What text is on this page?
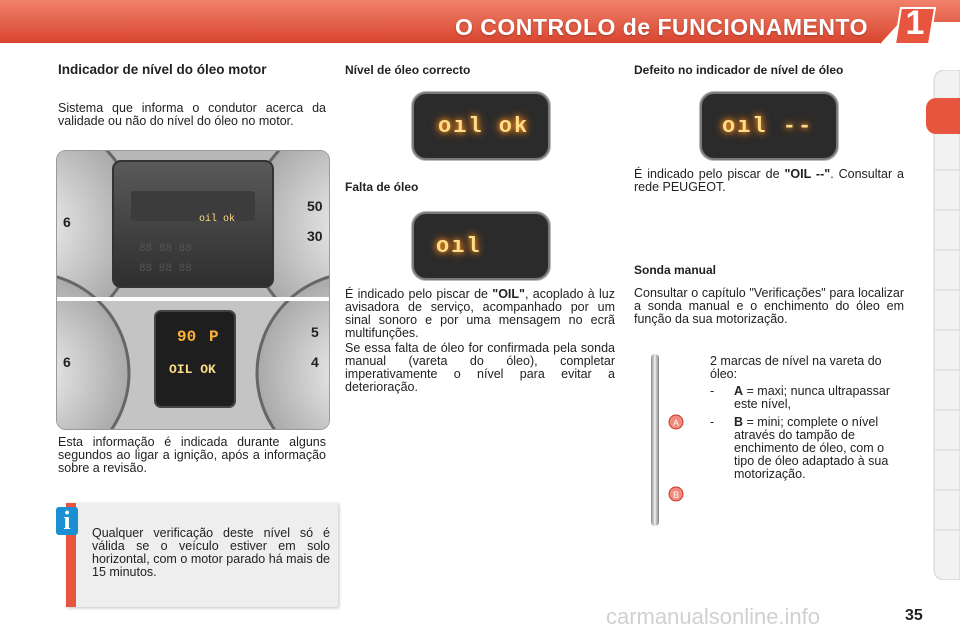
O CONTROLO de FUNCIONAMENTO	1
Indicador de nível do óleo motor
Sistema que informa o condutor acerca da validade ou não do nível do óleo no motor.
oil ok
88 88 88
88 88 88
6
50
30
90 P
OIL OK
6
5
4
Esta informação é indicada durante alguns segundos ao ligar a ignição, após a informação sobre a revisão.
Qualquer verificação deste nível só é válida se o veículo estiver em solo horizontal, com o motor parado há mais de 15 minutos.
i
Nível de óleo correcto
oıl ok
Falta de óleo
oıl
É indicado pelo piscar de "OIL", acoplado à luz avisadora de serviço, acompanhado por um sinal sonoro e por uma mensagem no ecrã multifunções.
Se essa falta de óleo for confirmada pela sonda manual (vareta do óleo), completar imperativamente o nível para evitar a deterioração.
Defeito no indicador de nível de óleo
oıl --
É indicado pelo piscar de "OIL --". Consultar a rede PEUGEOT.
Sonda manual
Consultar o capítulo "Verificações" para localizar a sonda manual e o enchimento do óleo em função da sua motorização.
A
B
2 marcas de nível na vareta do óleo:
- A = maxi; nunca ultrapassar este nível,
- B = mini; complete o nível através do tampão de enchimento de óleo, com o tipo de óleo adaptado à sua motorização.
carmanualsonline.info	35
